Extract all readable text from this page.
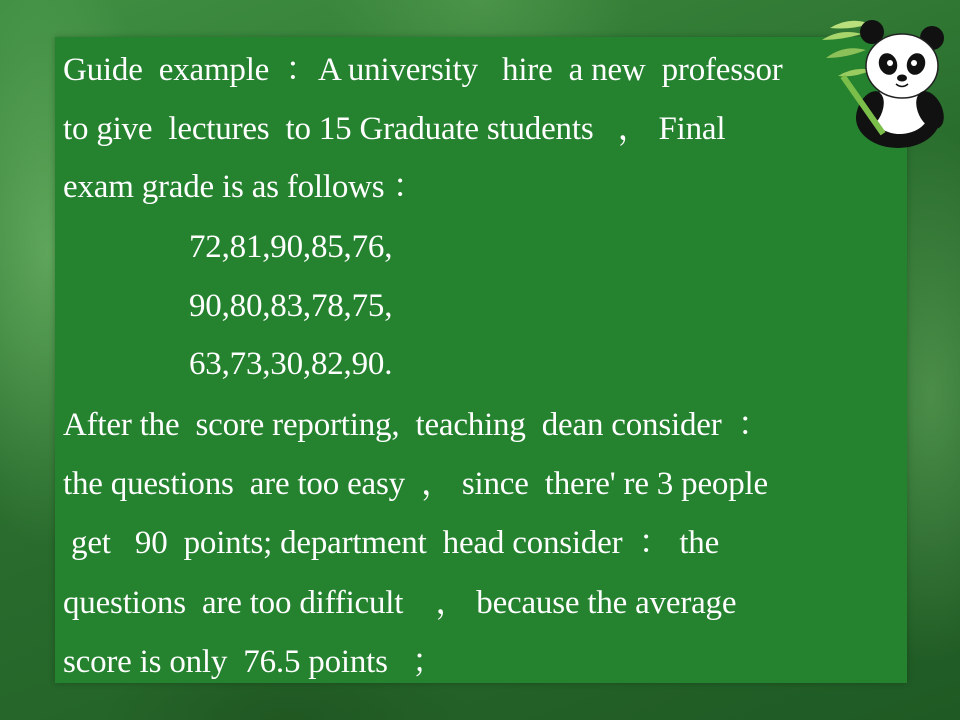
Guide  example  ：A university   hire  a new  professor
to give  lectures  to 15 Graduate students   ， Final
exam grade is as follows ：
72,81,90,85,76,
90,80,83,78,75,
63,73,30,82,90.
After the  score reporting,  teaching  dean consider  ：
the questions  are too easy  ， since  there' re 3 people
get   90  points; department  head consider  ： the
questions  are too difficult    ， because the average
score is only  76.5 points   ；
